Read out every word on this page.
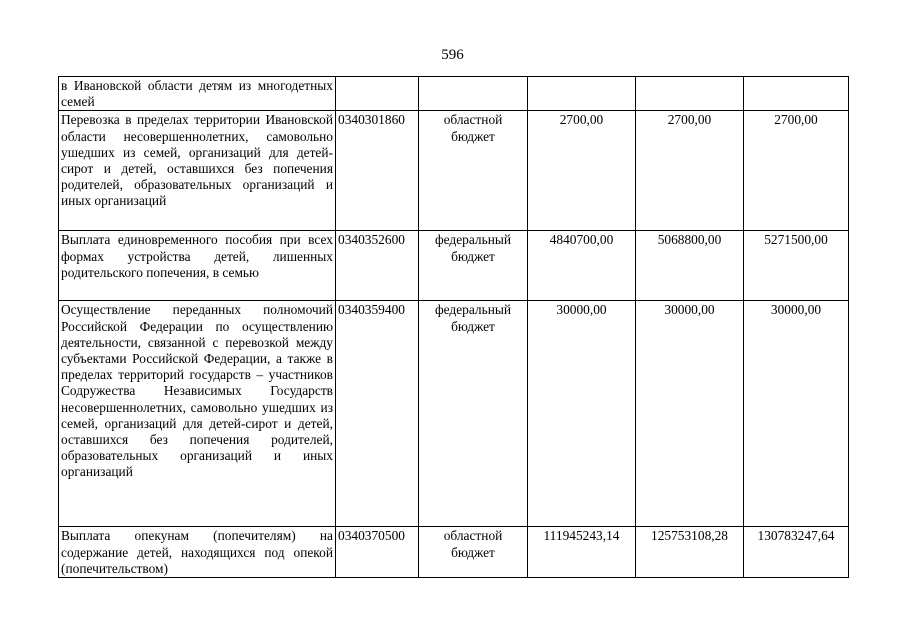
596
в Ивановской области детям из многодетных семей					
Перевозка в пределах территории Ивановской области несовершеннолетних, самовольно ушедших из семей, организаций для детей-сирот и детей, оставшихся без попечения родителей, образовательных организаций и иных организаций	0340301860	областной бюджет	2700,00	2700,00	2700,00
Выплата единовременного пособия при всех формах устройства детей, лишенных родительского попечения, в семью	0340352600	федеральный бюджет	4840700,00	5068800,00	5271500,00
Осуществление переданных полномочий Российской Федерации по осуществлению деятельности, связанной с перевозкой между субъектами Российской Федерации, а также в пределах территорий государств – участников Содружества Независимых Государств несовершеннолетних, самовольно ушедших из семей, организаций для детей-сирот и детей, оставшихся без попечения родителей, образовательных организаций и иных организаций	0340359400	федеральный бюджет	30000,00	30000,00	30000,00
Выплата опекунам (попечителям) на содержание детей, находящихся под опекой (попечительством)	0340370500	областной бюджет	111945243,14	125753108,28	130783247,64
